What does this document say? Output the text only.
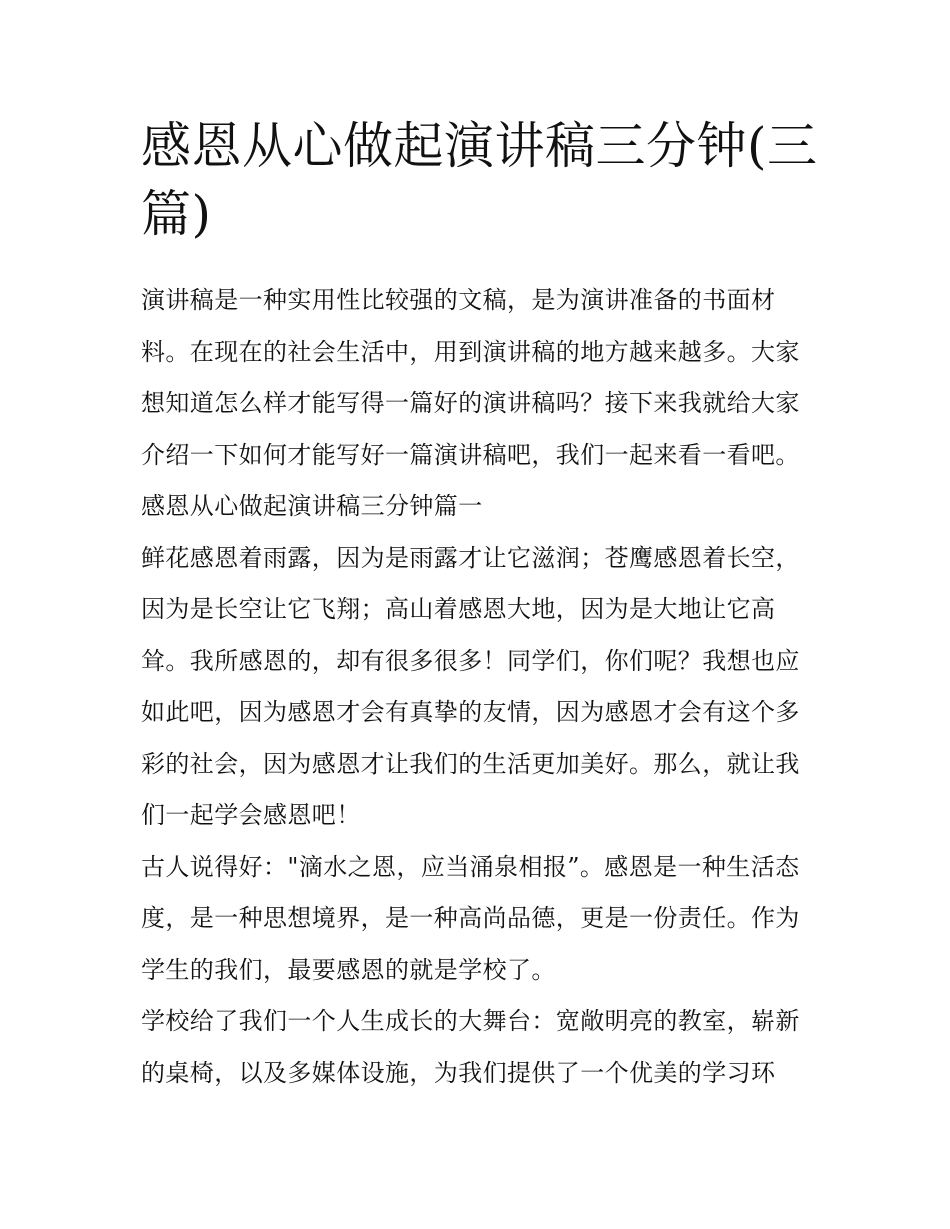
感恩从心做起演讲稿三分钟(三
篇)
演讲稿是一种实用性比较强的文稿，是为演讲准备的书面材
料。在现在的社会生活中，用到演讲稿的地方越来越多。大家
想知道怎么样才能写得一篇好的演讲稿吗？接下来我就给大家
介绍一下如何才能写好一篇演讲稿吧，我们一起来看一看吧。
感恩从心做起演讲稿三分钟篇一
鲜花感恩着雨露，因为是雨露才让它滋润；苍鹰感恩着长空，
因为是长空让它飞翔；高山着感恩大地，因为是大地让它高
耸。我所感恩的，却有很多很多！同学们，你们呢？我想也应
如此吧，因为感恩才会有真挚的友情，因为感恩才会有这个多
彩的社会，因为感恩才让我们的生活更加美好。那么，就让我
们一起学会感恩吧！
古人说得好："滴水之恩，应当涌泉相报”。感恩是一种生活态
度，是一种思想境界，是一种高尚品德，更是一份责任。作为
学生的我们，最要感恩的就是学校了。
学校给了我们一个人生成长的大舞台：宽敞明亮的教室，崭新
的桌椅，以及多媒体设施，为我们提供了一个优美的学习环
